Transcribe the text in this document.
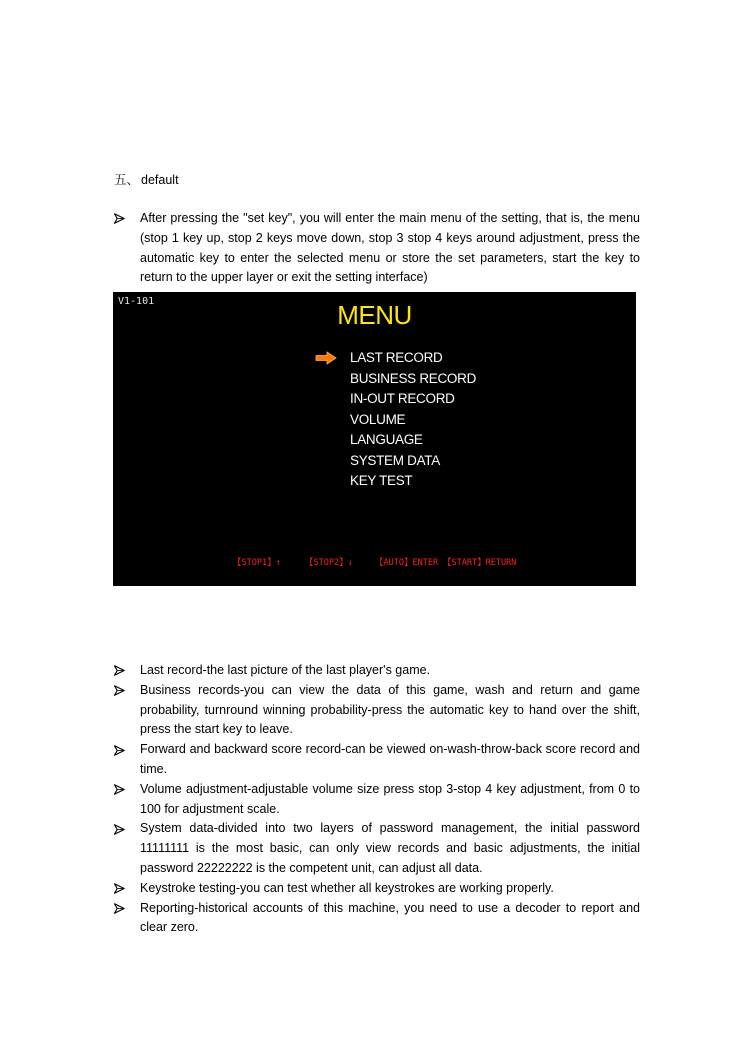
五、 default
After pressing the "set key", you will enter the main menu of the setting, that is, the menu (stop 1 key up, stop 2 keys move down, stop 3 stop 4 keys around adjustment, press the automatic key to enter the selected menu or store the set parameters, start the key to return to the upper layer or exit the setting interface)
V1-101	MENU
LAST RECORD
BUSINESS RECORD
IN-OUT RECORD
VOLUME
LANGUAGE
SYSTEM DATA
KEY TEST
【STOP1】↑	【STOP2】↓	【AUTO】ENTER 【START】RETURN
Last record-the last picture of the last player's game.
Business records-you can view the data of this game, wash and return and game probability, turnround winning probability-press the automatic key to hand over the shift, press the start key to leave.
Forward and backward score record-can be viewed on-wash-throw-back score record and time.
Volume adjustment-adjustable volume size press stop 3-stop 4 key adjustment, from 0 to 100 for adjustment scale.
System data-divided into two layers of password management, the initial password 11111111 is the most basic, can only view records and basic adjustments, the initial password 22222222 is the competent unit, can adjust all data.
Keystroke testing-you can test whether all keystrokes are working properly.
Reporting-historical accounts of this machine, you need to use a decoder to report and clear zero.
